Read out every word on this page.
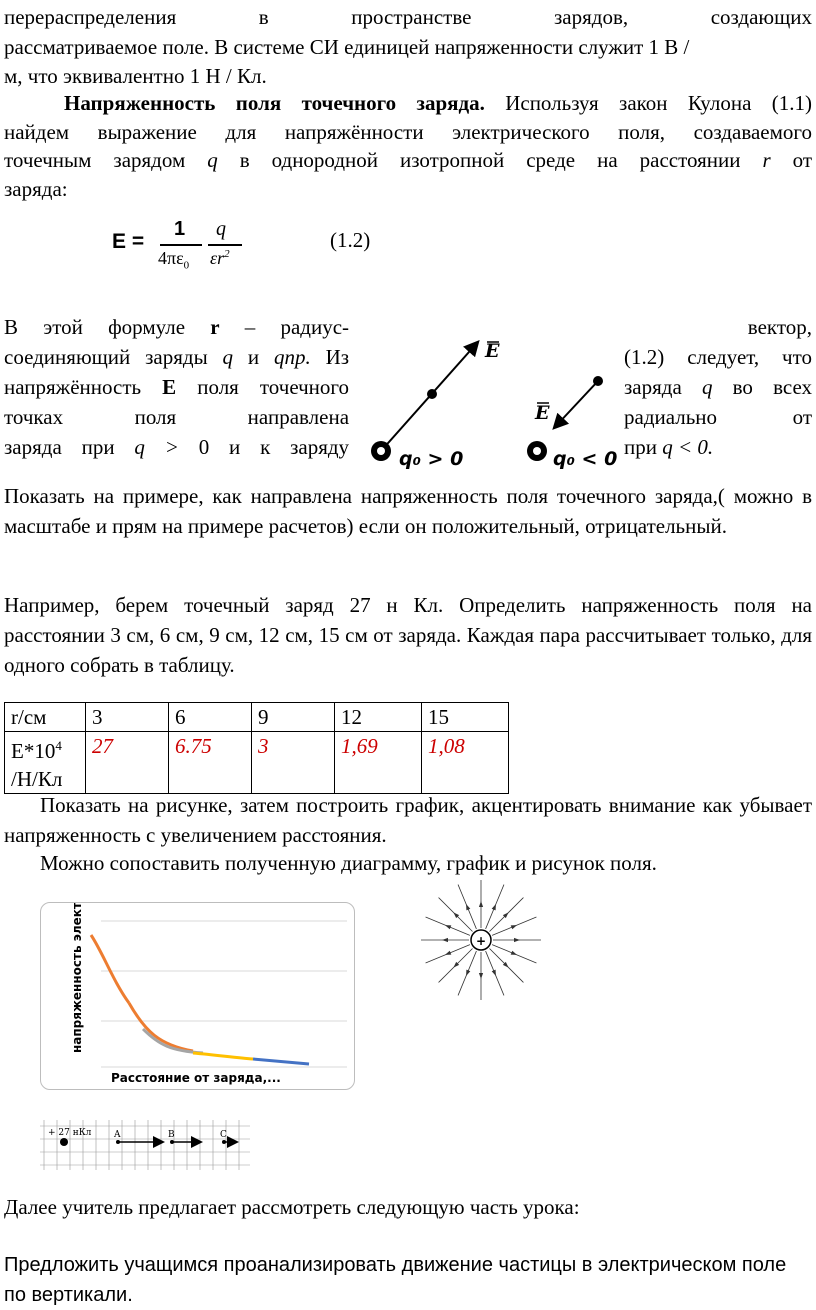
перераспределения	в	пространстве	зарядов,	создающих
рассматриваемое поле. В системе СИ единицей напряженности служит 1 В /
м, что эквивалентно 1 Н / Кл.
Напряженность поля точечного заряда. Используя закон Кулона (1.1)
найдем выражение для напряжённости электрического поля, создаваемого
точечным зарядом q в однородной изотропной среде на расстоянии r от
заряда:
E =
1
$4\pi\varepsilon_0$
q
$\varepsilon r^2$
(1.2)
В этой формуле r – радиус-
соединяющий заряды q и qпр. Из
напряжённость E поля точечного
точках	поля	направлена
заряда при q > 0 и к заряду
вектор,
(1.2) следует, что
заряда q во всех
радиально	от
при q < 0.
q₀ > 0
E
q₀ < 0
E
Показать на примере, как направлена напряженность поля точечного заряда,( можно в масштабе и прям на примере расчетов) если он положительный, отрицательный.
Например, берем точечный заряд 27 н Кл. Определить напряженность поля на расстоянии 3 см, 6 см, 9 см, 12 см, 15 см от заряда. Каждая пара рассчитывает только, для одного собрать в таблицу.
r/см	3	6	9	12	15
$E*10^4$
/Н/Кл	27	6.75	3	1,69	1,08
Показать на рисунке, затем построить график, акцентировать внимание как убывает напряженность с увеличением расстояния.
Можно сопоставить полученную диаграмму, график и рисунок поля.
напряженность электрического...
Расстояние от заряда,...
+
+ 27 нКл	A	B	C
Далее учитель предлагает рассмотреть следующую часть урока:
Предложить учащимся проанализировать движение частицы в электрическом поле по вертикали.
